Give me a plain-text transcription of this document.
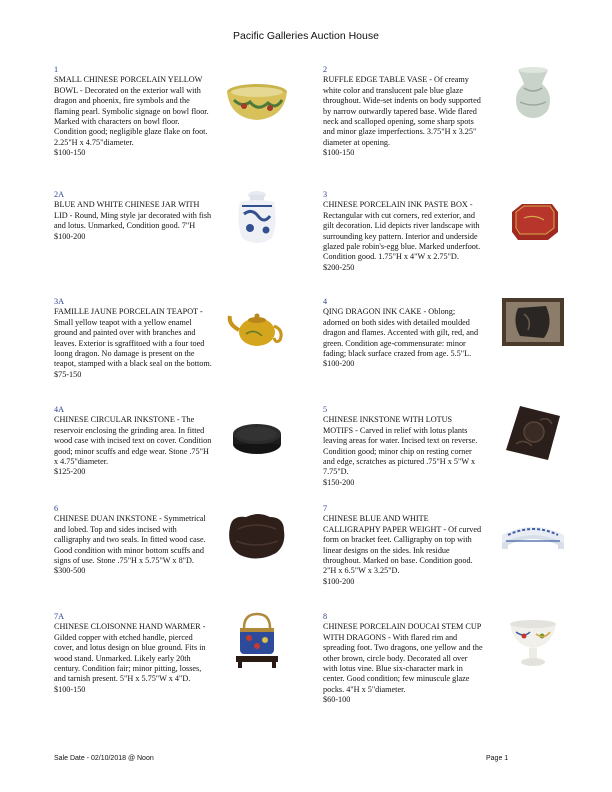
Pacific Galleries Auction House
1
SMALL CHINESE PORCELAIN YELLOW BOWL - Decorated on the exterior wall with dragon and phoenix, fire symbols and the flaming pearl. Symbolic signage on bowl floor. Marked with characters on bowl floor. Condition good; negligible glaze flake on foot. 2.25"H x 4.75"diameter.
$100-150
2
RUFFLE EDGE TABLE VASE - Of creamy white color and translucent pale blue glaze throughout. Wide-set indents on body supported by narrow outwardly tapered base. Wide flared neck and scalloped opening, some sharp spots and minor glaze imperfections. 3.75"H x 3.25" diameter at opening.
$100-150
2A
BLUE AND WHITE CHINESE JAR WITH LID - Round, Ming style jar decorated with fish and lotus. Unmarked, Condition good. 7"H
$100-200
3
CHINESE PORCELAIN INK PASTE BOX - Rectangular with cut corners, red exterior, and gilt decoration. Lid depicts river landscape with surrounding key pattern. Interior and underside glazed pale robin's-egg blue. Marked underfoot. Condition good. 1.75"H x 4"W x 2.75"D.
$200-250
3A
FAMILLE JAUNE PORCELAIN TEAPOT - Small yellow teapot with a yellow enamel ground and painted over with branches and leaves. Exterior is sgraffitoed with a four toed loong dragon. No damage is present on the teapot, stamped with a black seal on the bottom.
$75-150
4
QING DRAGON INK CAKE - Oblong; adorned on both sides with detailed moulded dragon and flames. Accented with gilt, red, and green. Condition age-commensurate: minor fading; black surface crazed from age. 5.5"L.
$100-200
4A
CHINESE CIRCULAR INKSTONE - The reservoir enclosing the grinding area. In fitted wood case with incised text on cover. Condition good; minor scuffs and edge wear. Stone .75"H x 4.75"diameter.
$125-200
5
CHINESE INKSTONE WITH LOTUS MOTIFS - Carved in relief with lotus plants leaving areas for water. Incised text on reverse. Condition good; minor chip on resting corner and edge, scratches as pictured .75"H x 5"W x 7.75"D.
$150-200
6
CHINESE DUAN INKSTONE - Symmetrical and lobed. Top and sides incised with calligraphy and two seals. In fitted wood case. Good condition with minor bottom scuffs and signs of use. Stone .75"H x 5.75"W x 8"D.
$300-500
7
CHINESE BLUE AND WHITE CALLIGRAPHY PAPER WEIGHT - Of curved form on bracket feet. Calligraphy on top with linear designs on the sides. Ink residue throughout. Marked on base. Condition good. 2"H x 6.5"W x 3.25"D.
$100-200
7A
CHINESE CLOISONNE HAND WARMER - Gilded copper with etched handle, pierced cover, and lotus design on blue ground. Fits in wood stand. Unmarked. Likely early 20th century. Condition fair; minor pitting, losses, and tarnish present. 5"H x 5.75"W x 4"D.
$100-150
8
CHINESE PORCELAIN DOUCAI STEM CUP WITH DRAGONS - With flared rim and spreading foot. Two dragons, one yellow and the other brown, circle body. Decorated all over with lotus vine. Blue six-character mark in center. Good condition; few minuscule glaze pocks. 4"H x 5"diameter.
$60-100
Sale Date - 02/10/2018 @ Noon	Page 1
